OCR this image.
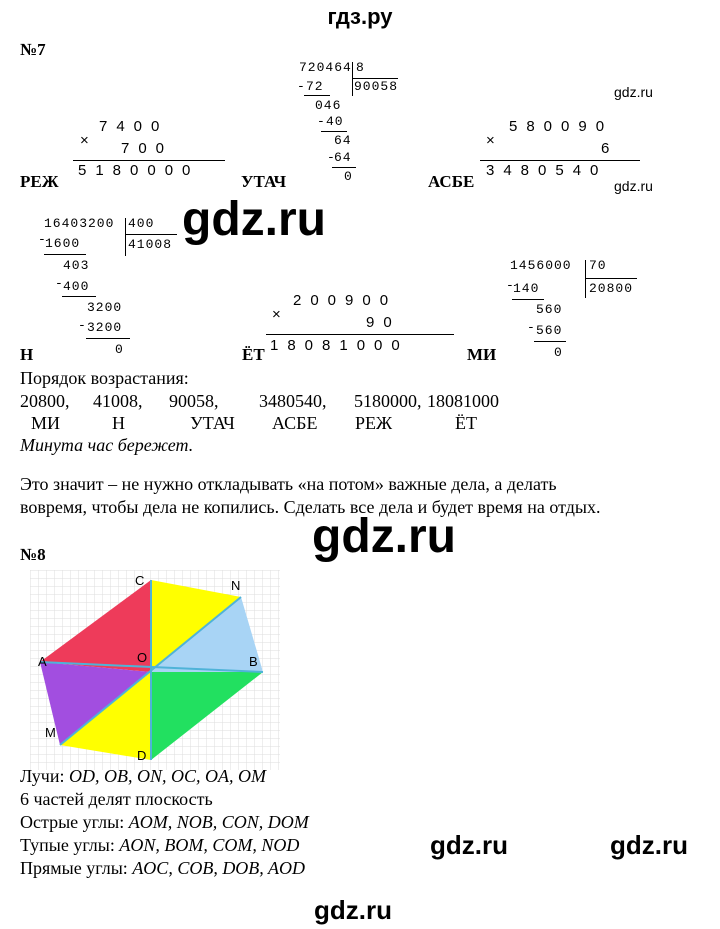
гдз.ру
№7
×
7400
700
5180000
РЕЖ
720464 8
90058
- 72
046
- 40
64
-
64
0
УТАЧ
×
580090
6
3480540
АСБЕ
16403200 400
41008
-
1600
403
- 400
3200
- 3200
0
Н
×
200900
90
18081000
ЁТ
1456000 70
20800
-
140
560
- 560
0
МИ
Порядок возрастания:
20800, 41008, 90058, 3480540, 5180000, 18081000
МИ	Н	УТАЧ АСБЕ РЕЖ	ЁТ
Минута час бережет.
Это значит – не нужно откладывать «на потом» важные дела, а делать
вовремя, чтобы дела не копились. Сделать все дела и будет время на отдых.
№8
C	N
A	O	B
M
D
Лучи: OD, OB, ON, OC, OA, OM
6 частей делят плоскость
Острые углы: AOM, NOB, CON, DOM
Тупые углы: AON, BOM, COM, NOD
Прямые углы: AOC, COB, DOB, AOD
gdz.ru
gdz.ru
gdz.ru
gdz.ru
gdz.ru	gdz.ru
gdz.ru
